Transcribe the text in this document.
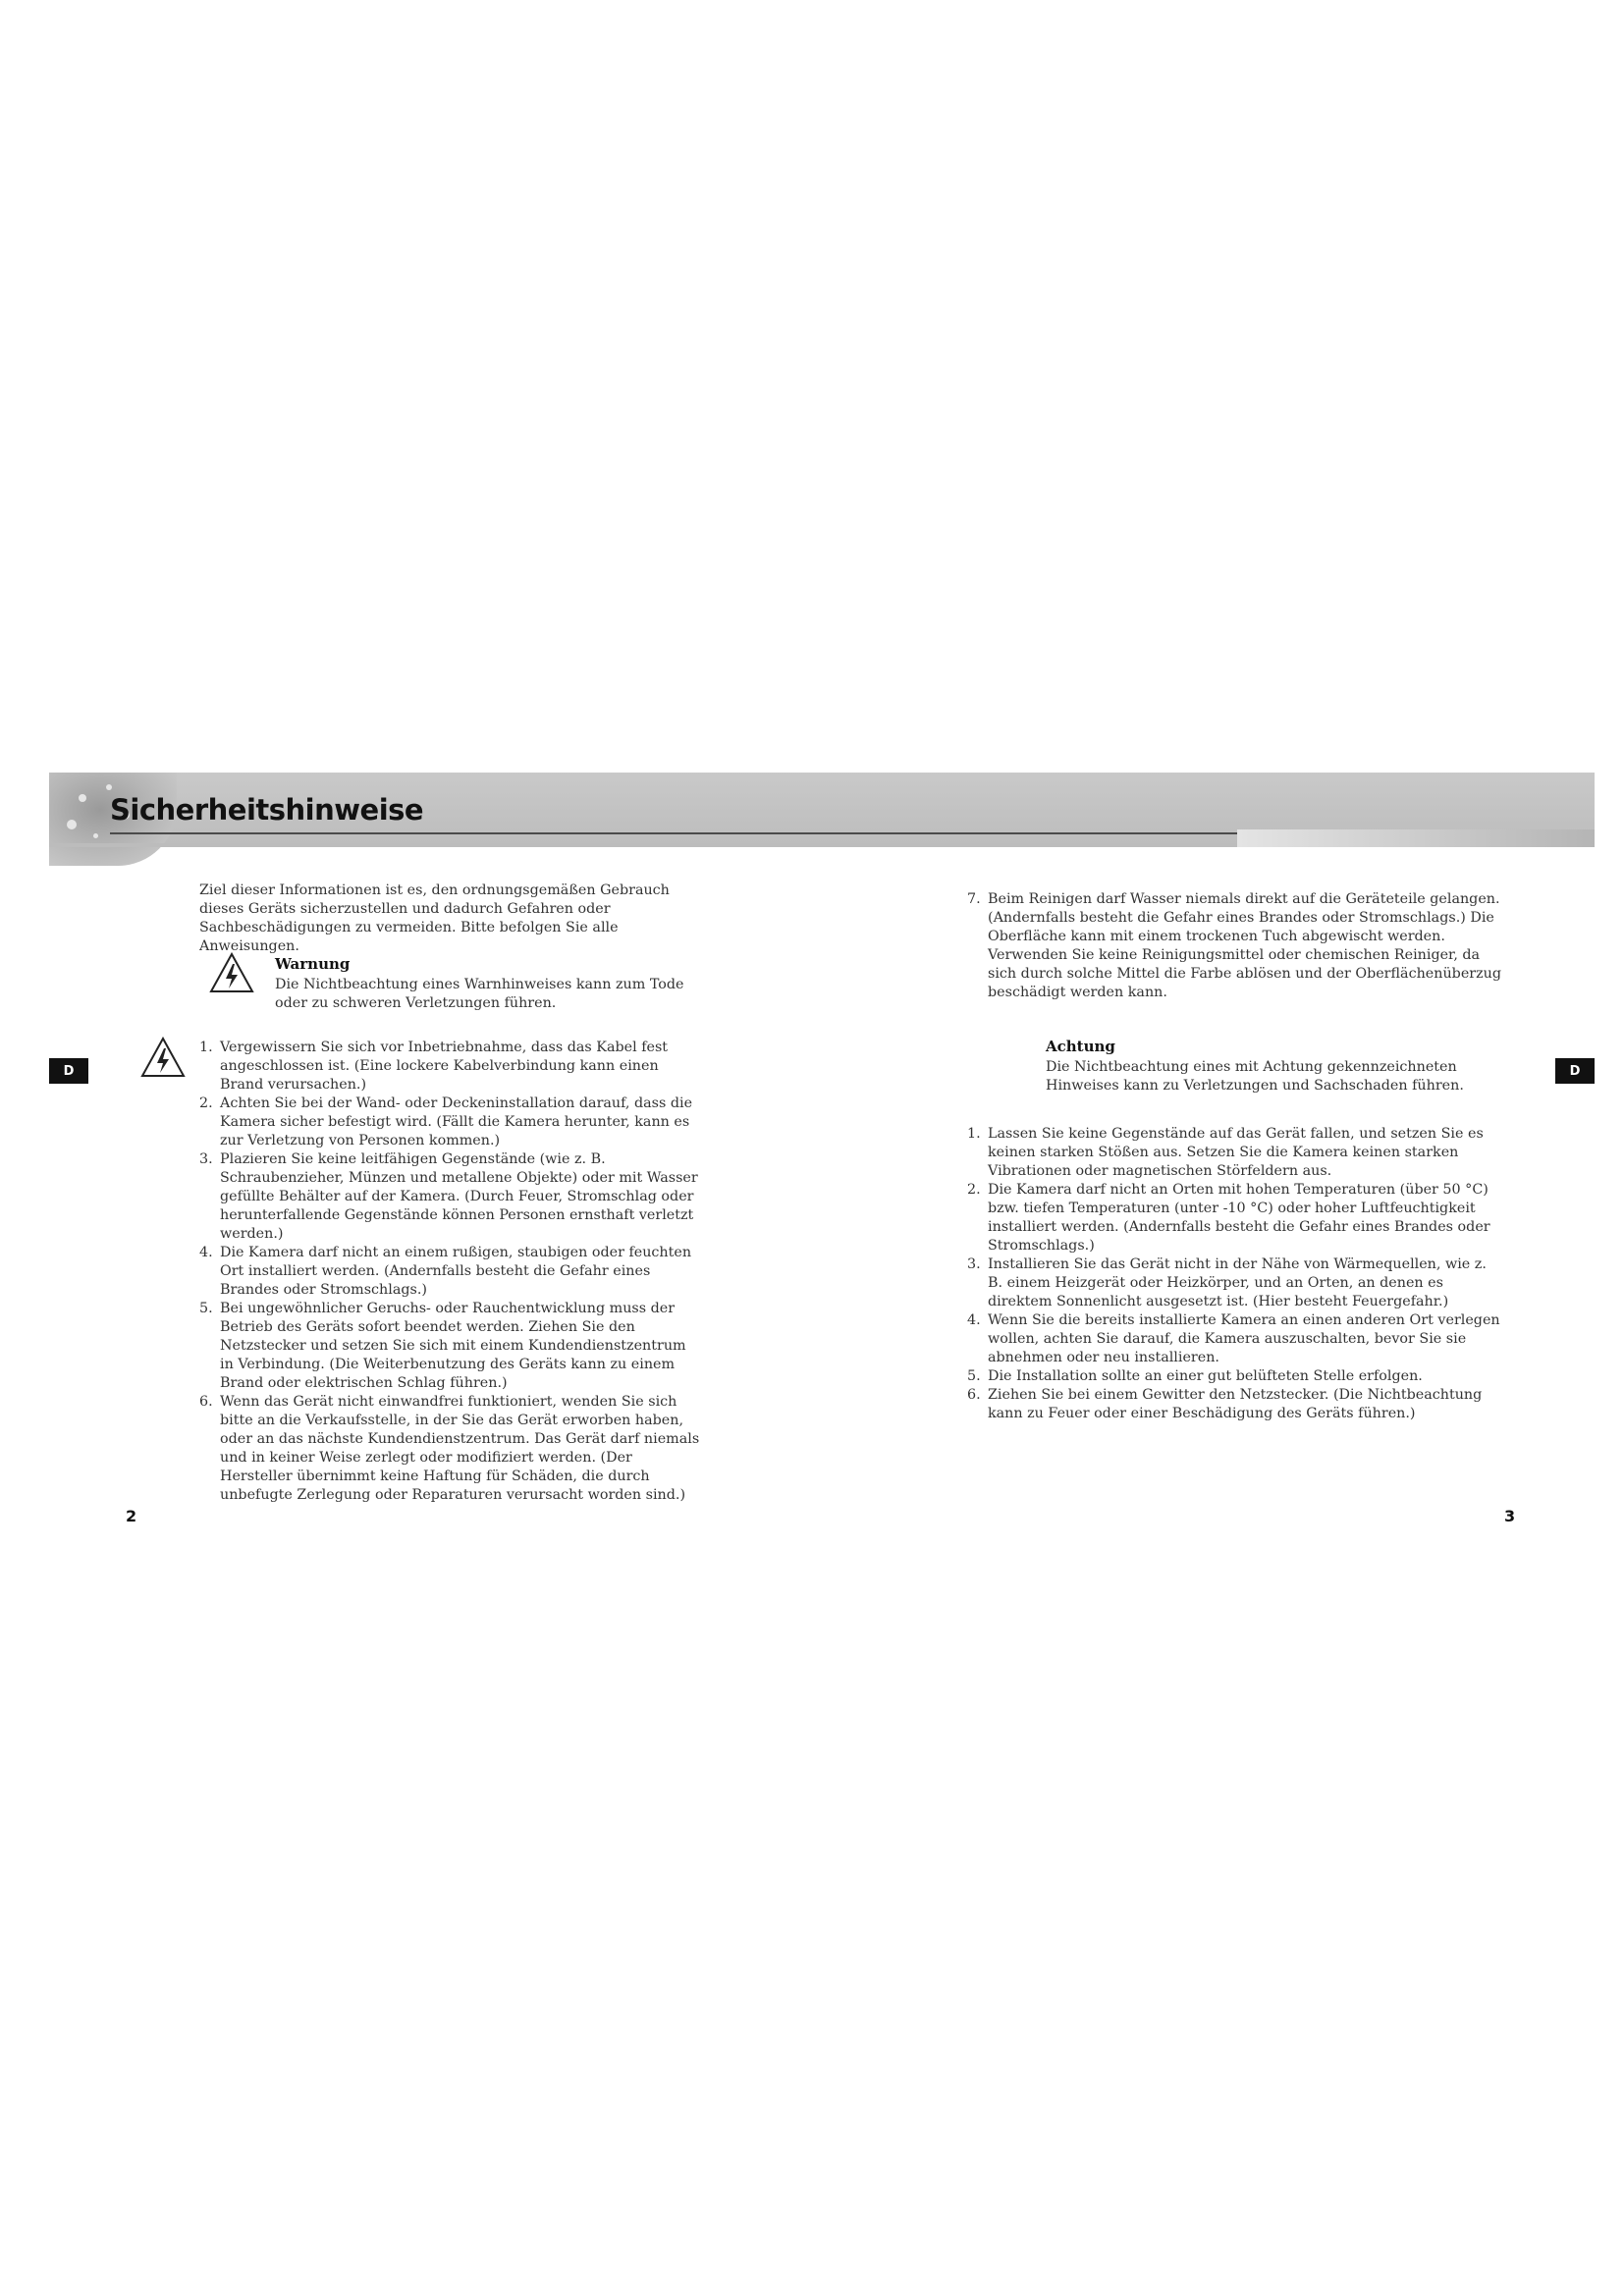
Sicherheitshinweise
D	D

Ziel dieser Informationen ist es, den ordnungsgemäßen Gebrauch dieses Geräts sicherzustellen und dadurch Gefahren oder Sachbeschädigungen zu vermeiden. Bitte befolgen Sie alle Anweisungen.

Warnung

Die Nichtbeachtung eines Warnhinweises kann zum Tode oder zu schweren Verletzungen führen.

1. Vergewissern Sie sich vor Inbetriebnahme, dass das Kabel fest angeschlossen ist. (Eine lockere Kabelverbindung kann einen Brand verursachen.)
2. Achten Sie bei der Wand- oder Deckeninstallation darauf, dass die Kamera sicher befestigt wird. (Fällt die Kamera herunter, kann es zur Verletzung von Personen kommen.)
3. Plazieren Sie keine leitfähigen Gegenstände (wie z. B. Schraubenzieher, Münzen und metallene Objekte) oder mit Wasser gefüllte Behälter auf der Kamera. (Durch Feuer, Stromschlag oder herunterfallende Gegenstände können Personen ernsthaft verletzt werden.)
4. Die Kamera darf nicht an einem rußigen, staubigen oder feuchten Ort installiert werden. (Andernfalls besteht die Gefahr eines Brandes oder Stromschlags.)
5. Bei ungewöhnlicher Geruchs- oder Rauchentwicklung muss der Betrieb des Geräts sofort beendet werden. Ziehen Sie den Netzstecker und setzen Sie sich mit einem Kundendienstzentrum in Verbindung. (Die Weiterbenutzung des Geräts kann zu einem Brand oder elektrischen Schlag führen.)
6. Wenn das Gerät nicht einwandfrei funktioniert, wenden Sie sich bitte an die Verkaufsstelle, in der Sie das Gerät erworben haben, oder an das nächste Kundendienstzentrum. Das Gerät darf niemals und in keiner Weise zerlegt oder modifiziert werden. (Der Hersteller übernimmt keine Haftung für Schäden, die durch unbefugte Zerlegung oder Reparaturen verursacht worden sind.)
2
7. Beim Reinigen darf Wasser niemals direkt auf die Geräteteile gelangen. (Andernfalls besteht die Gefahr eines Brandes oder Stromschlags.) Die Oberfläche kann mit einem trockenen Tuch abgewischt werden. Verwenden Sie keine Reinigungsmittel oder chemischen Reiniger, da sich durch solche Mittel die Farbe ablösen und der Oberflächenüberzug beschädigt werden kann.
Achtung

Die Nichtbeachtung eines mit Achtung gekennzeichneten Hinweises kann zu Verletzungen und Sachschaden führen.

1. Lassen Sie keine Gegenstände auf das Gerät fallen, und setzen Sie es keinen starken Stößen aus. Setzen Sie die Kamera keinen starken Vibrationen oder magnetischen Störfeldern aus.
2. Die Kamera darf nicht an Orten mit hohen Temperaturen (über 50 °C) bzw. tiefen Temperaturen (unter -10 °C) oder hoher Luftfeuchtigkeit installiert werden. (Andernfalls besteht die Gefahr eines Brandes oder Stromschlags.)
3. Installieren Sie das Gerät nicht in der Nähe von Wärmequellen, wie z. B. einem Heizgerät oder Heizkörper, und an Orten, an denen es direktem Sonnenlicht ausgesetzt ist. (Hier besteht Feuergefahr.)
4. Wenn Sie die bereits installierte Kamera an einen anderen Ort verlegen wollen, achten Sie darauf, die Kamera auszuschalten, bevor Sie sie abnehmen oder neu installieren.
5. Die Installation sollte an einer gut belüfteten Stelle erfolgen.
6. Ziehen Sie bei einem Gewitter den Netzstecker. (Die Nichtbeachtung kann zu Feuer oder einer Beschädigung des Geräts führen.)
3
